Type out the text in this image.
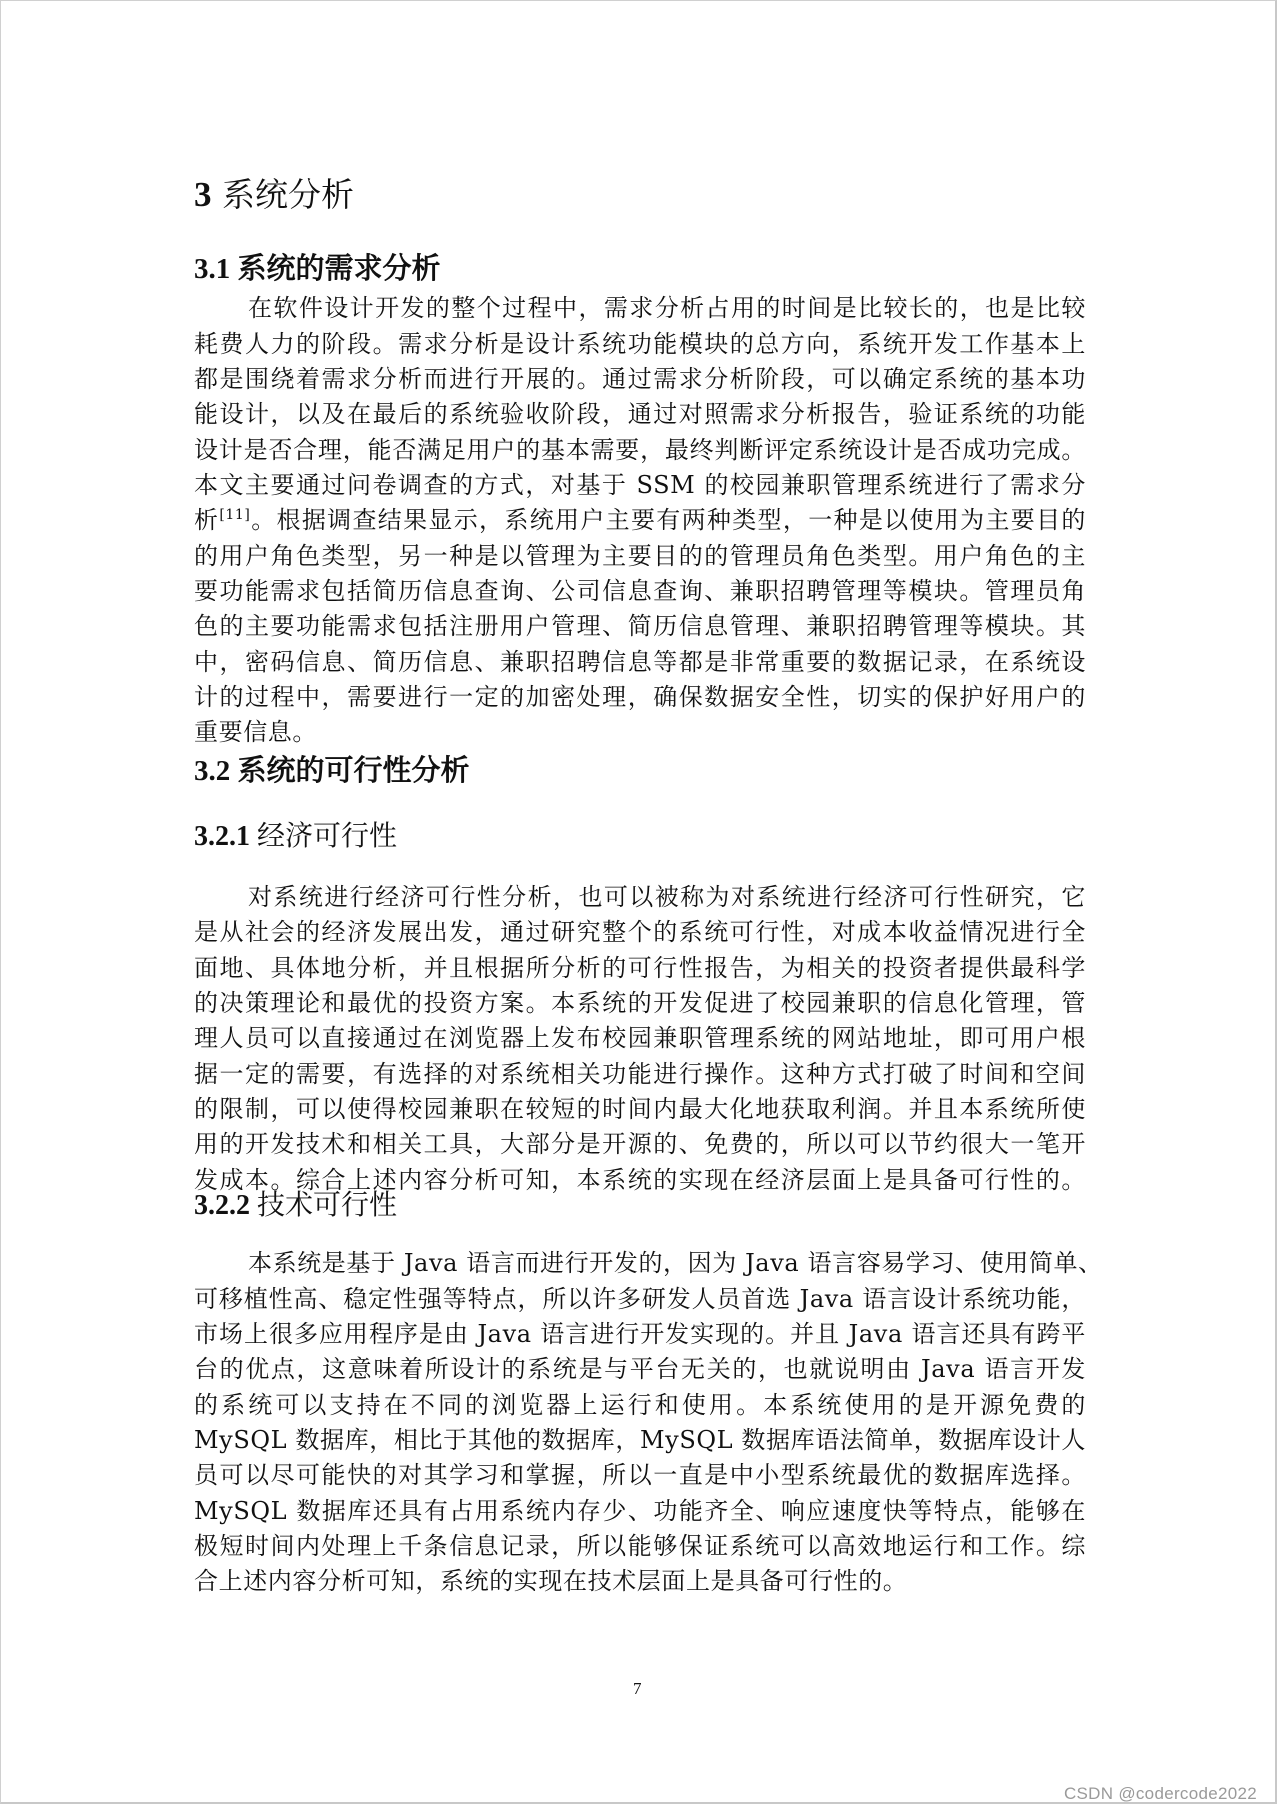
3 系统分析
3.1 系统的需求分析
在软件设计开发的整个过程中，需求分析占用的时间是比较长的，也是比较
耗费人力的阶段。需求分析是设计系统功能模块的总方向，系统开发工作基本上
都是围绕着需求分析而进行开展的。通过需求分析阶段，可以确定系统的基本功
能设计，以及在最后的系统验收阶段，通过对照需求分析报告，验证系统的功能
设计是否合理，能否满足用户的基本需要，最终判断评定系统设计是否成功完成。
本文主要通过问卷调查的方式，对基于 SSM 的校园兼职管理系统进行了需求分
析[11]。根据调查结果显示，系统用户主要有两种类型，一种是以使用为主要目的
的用户角色类型，另一种是以管理为主要目的的管理员角色类型。用户角色的主
要功能需求包括简历信息查询、公司信息查询、兼职招聘管理等模块。管理员角
色的主要功能需求包括注册用户管理、简历信息管理、兼职招聘管理等模块。其
中，密码信息、简历信息、兼职招聘信息等都是非常重要的数据记录，在系统设
计的过程中，需要进行一定的加密处理，确保数据安全性，切实的保护好用户的
重要信息。
3.2 系统的可行性分析
3.2.1 经济可行性
对系统进行经济可行性分析，也可以被称为对系统进行经济可行性研究，它
是从社会的经济发展出发，通过研究整个的系统可行性，对成本收益情况进行全
面地、具体地分析，并且根据所分析的可行性报告，为相关的投资者提供最科学
的决策理论和最优的投资方案。本系统的开发促进了校园兼职的信息化管理，管
理人员可以直接通过在浏览器上发布校园兼职管理系统的网站地址，即可用户根
据一定的需要，有选择的对系统相关功能进行操作。这种方式打破了时间和空间
的限制，可以使得校园兼职在较短的时间内最大化地获取利润。并且本系统所使
用的开发技术和相关工具，大部分是开源的、免费的，所以可以节约很大一笔开
发成本。综合上述内容分析可知，本系统的实现在经济层面上是具备可行性的。
3.2.2 技术可行性
本系统是基于 Java 语言而进行开发的，因为 Java 语言容易学习、使用简单、
可移植性高、稳定性强等特点，所以许多研发人员首选 Java 语言设计系统功能，
市场上很多应用程序是由 Java 语言进行开发实现的。并且 Java 语言还具有跨平
台的优点，这意味着所设计的系统是与平台无关的，也就说明由 Java 语言开发
的系统可以支持在不同的浏览器上运行和使用。本系统使用的是开源免费的
MySQL 数据库，相比于其他的数据库，MySQL 数据库语法简单，数据库设计人
员可以尽可能快的对其学习和掌握，所以一直是中小型系统最优的数据库选择。
MySQL 数据库还具有占用系统内存少、功能齐全、响应速度快等特点，能够在
极短时间内处理上千条信息记录，所以能够保证系统可以高效地运行和工作。综
合上述内容分析可知，系统的实现在技术层面上是具备可行性的。
7
CSDN @codercode2022
